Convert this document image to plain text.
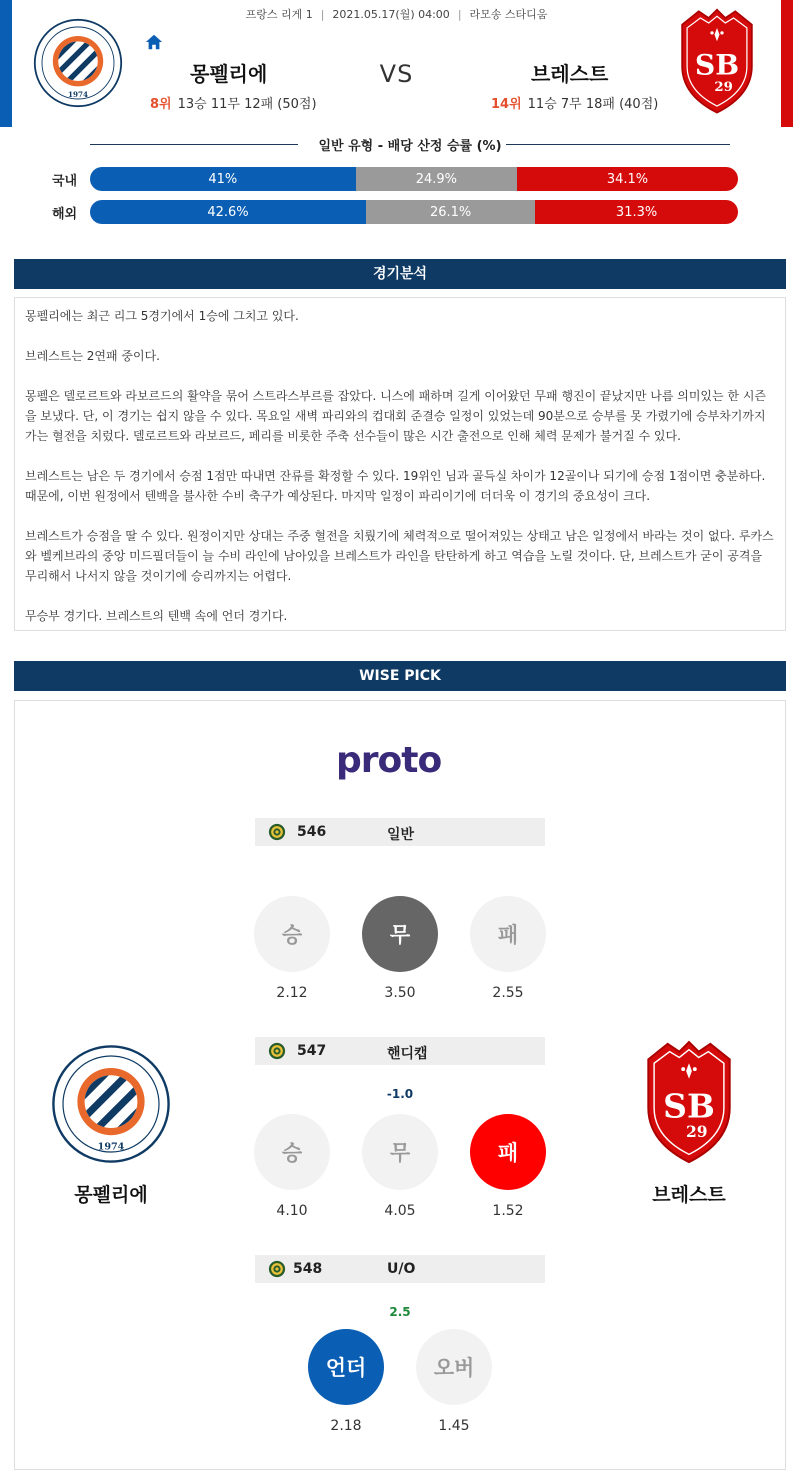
프랑스 리게 1 | 2021.05.17(월) 04:00 | 라모송 스타디움
1974
몽펠리에	VS	브레스트
8위 13승 11무 12패 (50점)	14위 11승 7무 18패 (40점)
SB
29
일반 유형 - 배당 산정 승률 (%)
국내	41%	24.9%	34.1%
해외	42.6%	26.1%	31.3%
경기분석

몽펠리에는 최근 리그 5경기에서 1승에 그치고 있다.

브레스트는 2연패 중이다.

몽펠은 델로르트와 라보르드의 활약을 묶어 스트라스부르를 잡았다. 니스에 패하며 길게 이어왔던 무패 행진이 끝났지만 나름 의미있는 한 시즌을 보냈다. 단, 이 경기는 쉽지 않을 수 있다. 목요일 새벽 파리와의 컵대회 준결승 일정이 있었는데 90분으로 승부를 못 가렸기에 승부차기까지 가는 혈전을 치렀다. 델로르트와 라보르드, 페리를 비롯한 주축 선수들이 많은 시간 출전으로 인해 체력 문제가 불거질 수 있다.

브레스트는 남은 두 경기에서 승점 1점만 따내면 잔류를 확정할 수 있다. 19위인 님과 골득실 차이가 12골이나 되기에 승점 1점이면 충분하다. 때문에, 이번 원정에서 텐백을 불사한 수비 축구가 예상된다. 마지막 일정이 파리이기에 더더욱 이 경기의 중요성이 크다.

브레스트가 승점을 딸 수 있다. 원정이지만 상대는 주중 혈전을 치뤘기에 체력적으로 떨어져있는 상태고 남은 일정에서 바라는 것이 없다. 루카스와 벨케브라의 중앙 미드필더들이 늘 수비 라인에 남아있을 브레스트가 라인을 탄탄하게 하고 역습을 노릴 것이다. 단, 브레스트가 굳이 공격을 무리해서 나서지 않을 것이기에 승리까지는 어렵다.

무승부 경기다. 브레스트의 텐백 속에 언더 경기다.

WISE PICK
proto
546	일반
승	무	패
2.12	3.50	2.55
547	핸디캡
-1.0
승	무	패
4.10	4.05	1.52
548	U/O
2.5
언더	오버
2.18	1.45
1974
몽펠리에
SB
29
브레스트
